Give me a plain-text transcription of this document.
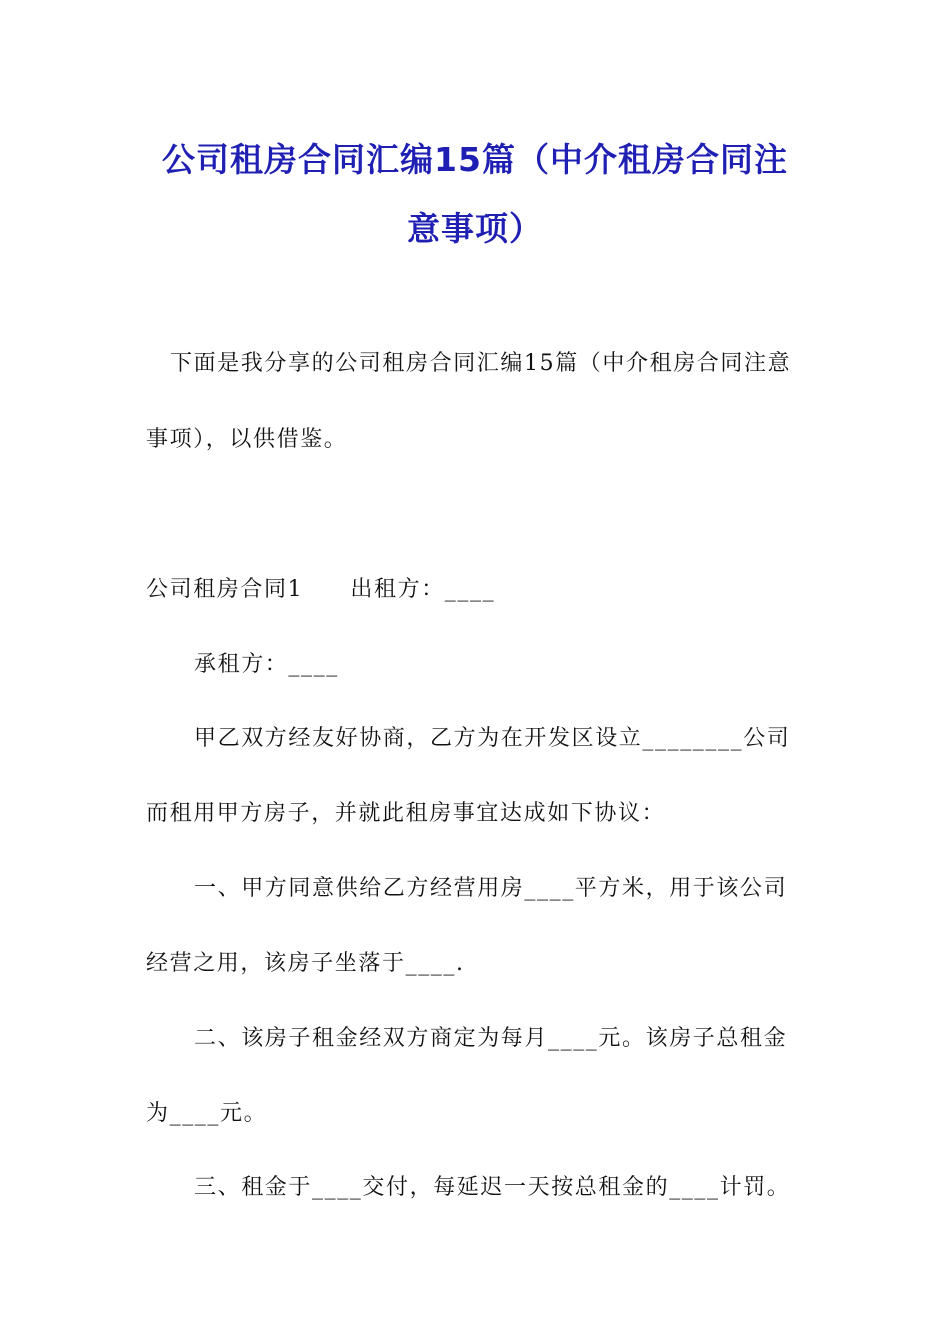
公司租房合同汇编15篇（中介租房合同注
意事项）
下面是我分享的公司租房合同汇编15篇（中介租房合同注意
事项），以供借鉴。
公司租房合同1　　出租方：____
承租方：____
甲乙双方经友好协商，乙方为在开发区设立________公司
而租用甲方房子，并就此租房事宜达成如下协议：
一、甲方同意供给乙方经营用房____平方米，用于该公司
经营之用，该房子坐落于____.
二、该房子租金经双方商定为每月____元。该房子总租金
为____元。
三、租金于____交付，每延迟一天按总租金的____计罚。
